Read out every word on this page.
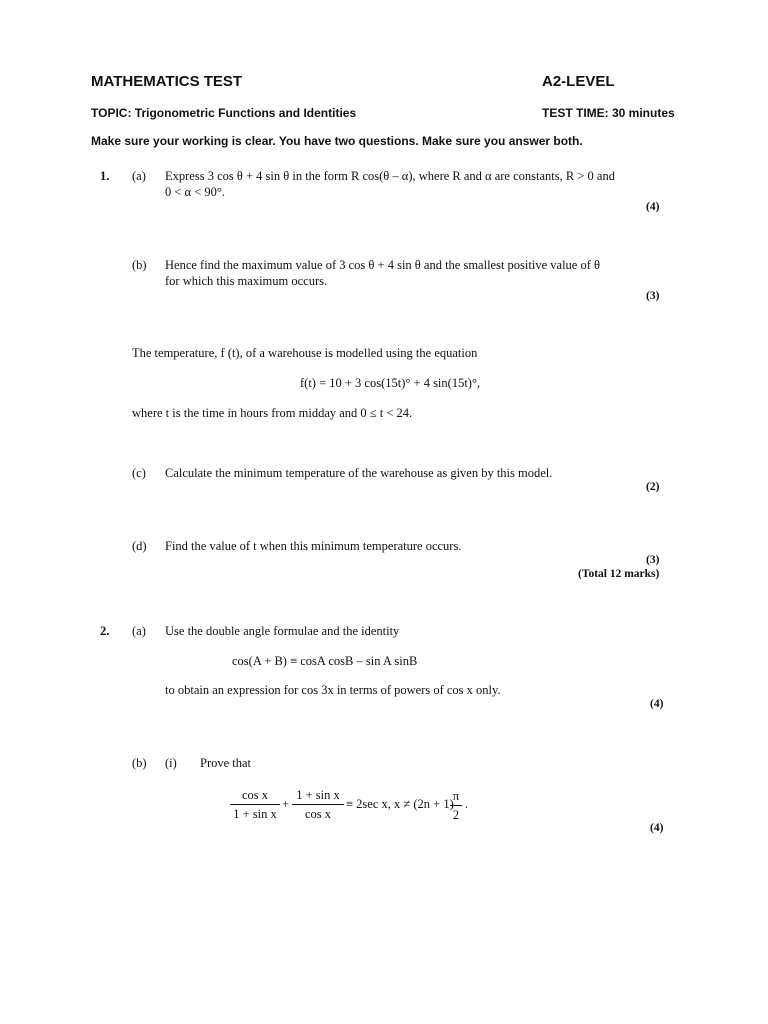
MATHEMATICS TEST	A2-LEVEL
TOPIC: Trigonometric Functions and Identities	TEST TIME: 30 minutes
Make sure your working is clear. You have two questions. Make sure you answer both.
1. (a) Express 3 cos θ + 4 sin θ in the form R cos(θ – α), where R and α are constants, R > 0 and
0 < α < 90°.
(4)
(b) Hence find the maximum value of 3 cos θ + 4 sin θ and the smallest positive value of θ
for which this maximum occurs.
(3)
The temperature, f (t), of a warehouse is modelled using the equation
f(t) = 10 + 3 cos(15t)° + 4 sin(15t)°,
where t is the time in hours from midday and 0 ≤ t < 24.
(c) Calculate the minimum temperature of the warehouse as given by this model.
(2)
(d) Find the value of t when this minimum temperature occurs.
(3)
(Total 12 marks)
2. (a) Use the double angle formulae and the identity
cos(A + B) ≡ cosA cosB – sin A sinB
to obtain an expression for cos 3x in terms of powers of cos x only.
(4)
(b) (i) Prove that
$\frac{\text{cos x}}{\text{1 + sin x}} + \frac{\text{1 + sin x}}{\text{cos x}} \equiv 2\sec$ x, x ≠ (2n + 1)
$\frac{\pi}{2}$ .
(4)
